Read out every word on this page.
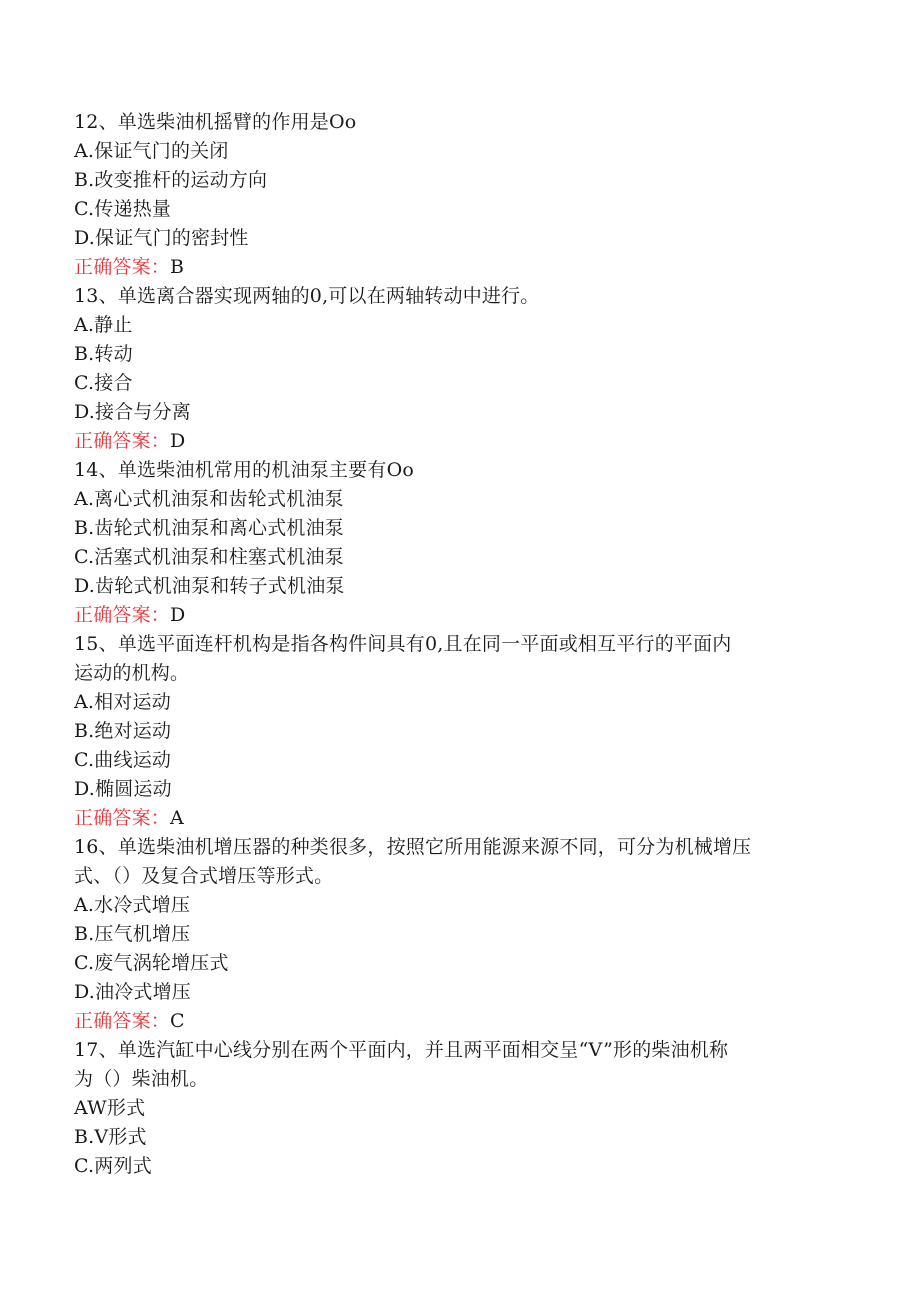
12、单选柴油机摇臂的作用是Oo
A.保证气门的关闭
B.改变推杆的运动方向
C.传递热量
D.保证气门的密封性
正确答案：B
13、单选离合器实现两轴的0,可以在两轴转动中进行。
A.静止
B.转动
C.接合
D.接合与分离
正确答案：D
14、单选柴油机常用的机油泵主要有Oo
A.离心式机油泵和齿轮式机油泵
B.齿轮式机油泵和离心式机油泵
C.活塞式机油泵和柱塞式机油泵
D.齿轮式机油泵和转子式机油泵
正确答案：D
15、单选平面连杆机构是指各构件间具有0,且在同一平面或相互平行的平面内
运动的机构。
A.相对运动
B.绝对运动
C.曲线运动
D.椭圆运动
正确答案：A
16、单选柴油机增压器的种类很多，按照它所用能源来源不同，可分为机械增压
式、（）及复合式增压等形式。
A.水冷式增压
B.压气机增压
C.废气涡轮增压式
D.油冷式增压
正确答案：C
17、单选汽缸中心线分别在两个平面内，并且两平面相交呈“V”形的柴油机称
为（）柴油机。
AW形式
B.V形式
C.两列式
